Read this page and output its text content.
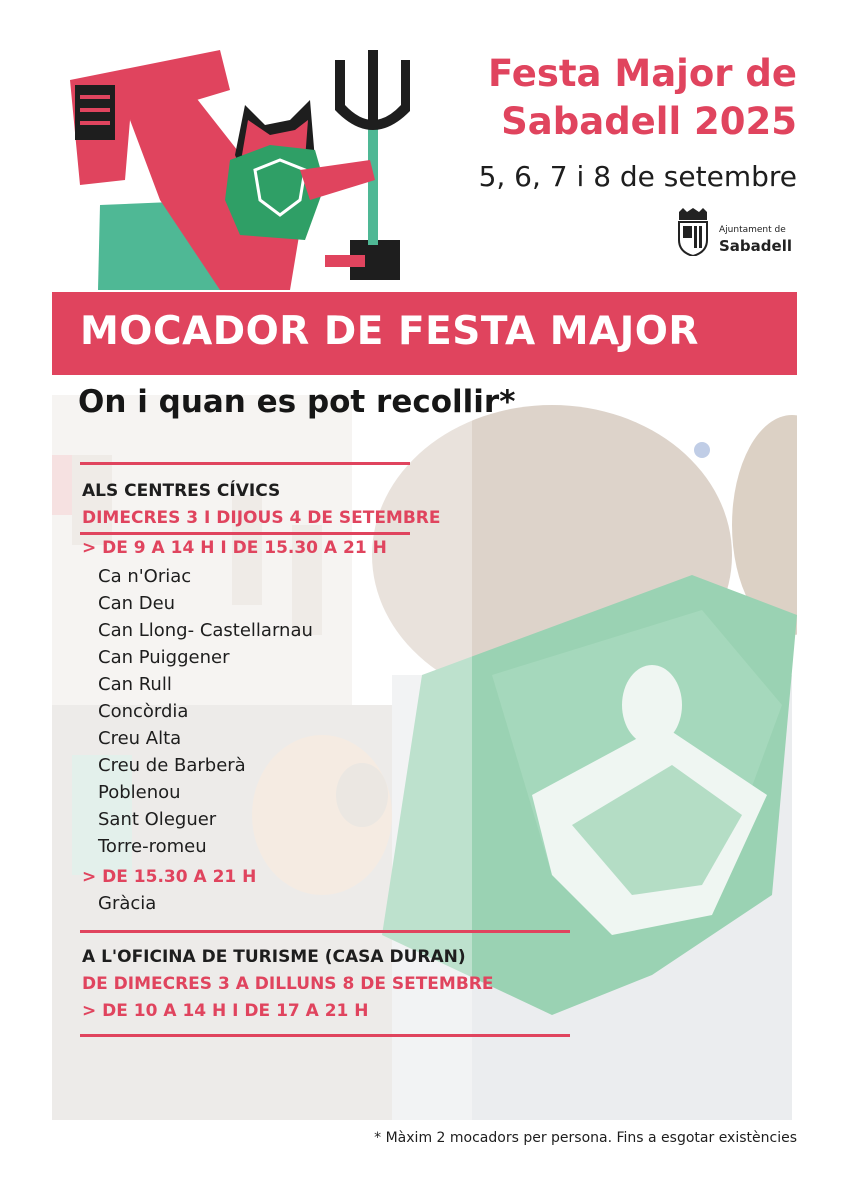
Festa Major de
Sabadell 2025
5, 6, 7 i 8 de setembre
Ajuntament de
Sabadell
MOCADOR DE FESTA MAJOR
On i quan es pot recollir*
ALS CENTRES CÍVICS
DIMECRES 3 I DIJOUS 4 DE SETEMBRE
> DE 9 A 14 H I DE 15.30 A 21 H
Ca n'Oriac
Can Deu
Can Llong- Castellarnau
Can Puiggener
Can Rull
Concòrdia
Creu Alta
Creu de Barberà
Poblenou
Sant Oleguer
Torre-romeu
> DE 15.30 A 21 H
Gràcia
A L'OFICINA DE TURISME (CASA DURAN)
DE DIMECRES 3 A DILLUNS 8 DE SETEMBRE
> DE 10 A 14 H I DE 17 A 21 H
* Màxim 2 mocadors per persona. Fins a esgotar existències
